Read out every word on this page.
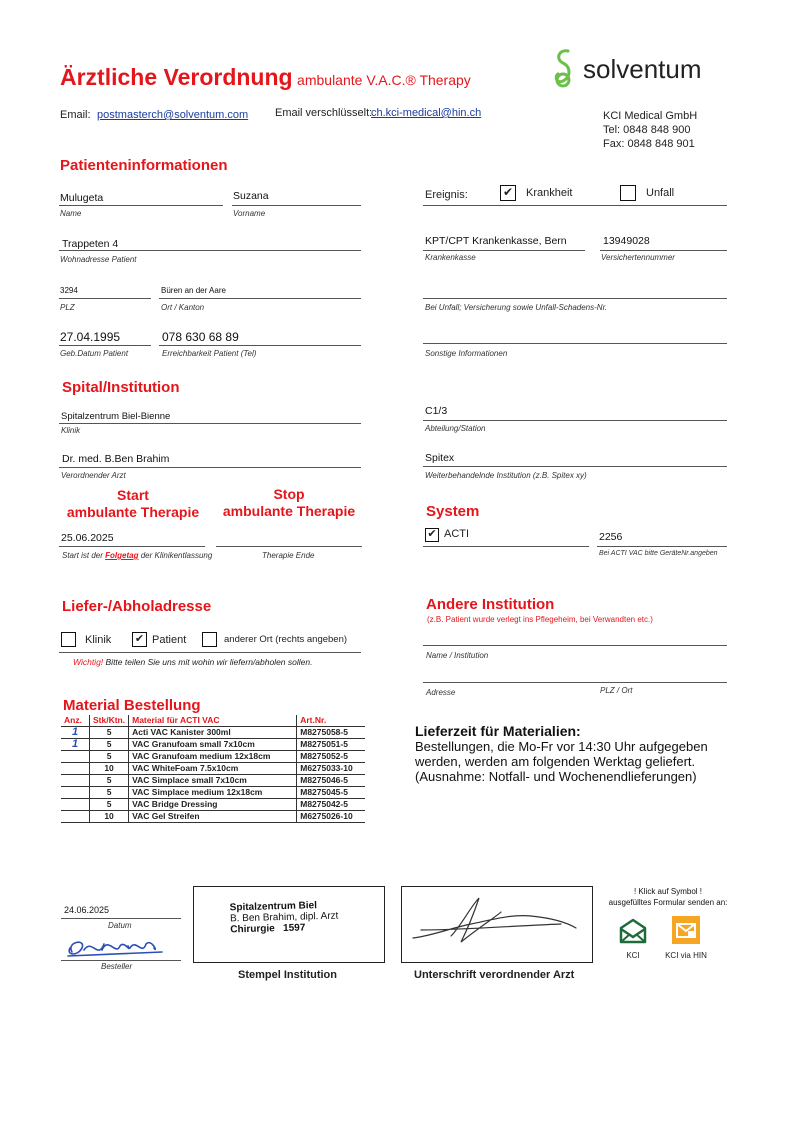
Ärztliche Verordnung ambulante V.A.C.® Therapy	solventum
Email: postmasterch@solventum.com Email verschlüsselt:
ch.kci-medical@hin.ch	KCI Medical GmbH
Tel: 0848 848 900
Fax: 0848 848 901
Patienteninformationen
Mulugeta
Name
Suzana
Vorname
Trappeten 4
Wohnadresse Patient
3294
PLZ
Büren an der Aare
Ort / Kanton
27.04.1995
Geb.Datum Patient
078 630 68 89
Erreichbarkeit Patient (Tel)
Ereignis:	✔ Krankheit	Unfall
KPT/CPT Krankenkasse, Bern
Krankenkasse
13949028
Versichertennummer
Bei Unfall; Versicherung sowie Unfall-Schadens-Nr.
Sonstige Informationen
Spital/Institution
Spitalzentrum Biel-Bienne
Klinik
C1/3
Abteilung/Station
Dr. med. B.Ben Brahim
Verordnender Arzt
Spitex
Weiterbehandelnde Institution (z.B. Spitex xy)
Start
ambulante Therapie
Stop
ambulante Therapie
25.06.2025
Start ist der Folgetag der Klinikentlassung	Therapie Ende
System
✔ ACTI	2256
Bei ACTI VAC bitte GeräteNr.angeben
Liefer-/Abholadresse
Klinik ✔ Patient	anderer Ort (rechts angeben)
Wichtig! Bitte teilen Sie uns mit wohin wir liefern/abholen sollen.
Andere Institution
(z.B. Patient wurde verlegt ins Pflegeheim, bei Verwandten etc.)
Name / Institution
Adresse	PLZ / Ort
Material Bestellung
Anz.	Stk/Ktn.	Material für ACTI VAC	Art.Nr.
1	5	Acti VAC Kanister 300ml	M8275058-5
1	5	VAC Granufoam small 7x10cm	M8275051-5
	5	VAC Granufoam medium 12x18cm	M8275052-5
	10	VAC WhiteFoam 7.5x10cm	M6275033-10
	5	VAC Simplace small 7x10cm	M8275046-5
	5	VAC Simplace medium 12x18cm	M8275045-5
	5	VAC Bridge Dressing	M8275042-5
	10	VAC Gel Streifen	M6275026-10
Lieferzeit für Materialien:
Bestellungen, die Mo-Fr vor 14:30 Uhr aufgegeben
werden, werden am folgenden Werktag geliefert.
(Ausnahme: Notfall- und Wochenendlieferungen)
24.06.2025
Datum
Besteller
Spitalzentrum Biel
B. Ben Brahim, dipl. Arzt
Chirurgie 1597
Stempel Institution	Unterschrift verordnender Arzt
! Klick auf Symbol !
ausgefülltes Formular senden an:
KCI	KCI via HIN
